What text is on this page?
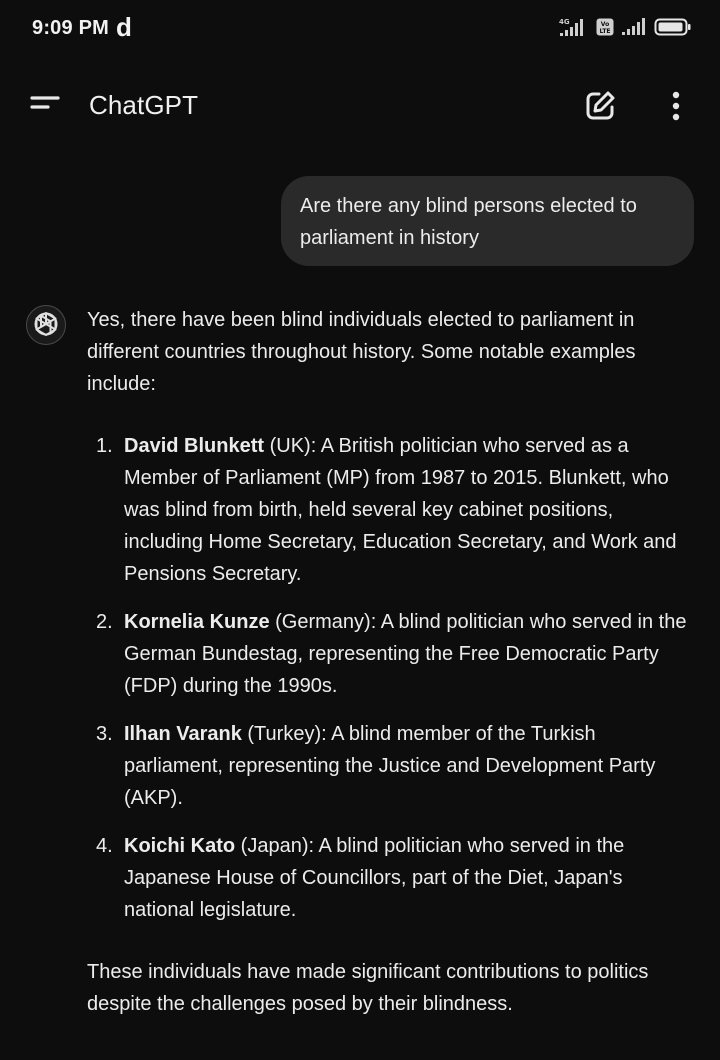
9:09 PM d	4G	Vo
LTE
ChatGPT
Are there any blind persons elected to parliament in history

Yes, there have been blind individuals elected to parliament in different countries throughout history. Some notable examples include:

1. David Blunkett (UK): A British politician who served as a Member of Parliament (MP) from 1987 to 2015. Blunkett, who was blind from birth, held several key cabinet positions, including Home Secretary, Education Secretary, and Work and Pensions Secretary.
2. Kornelia Kunze (Germany): A blind politician who served in the German Bundestag, representing the Free Democratic Party (FDP) during the 1990s.
3. Ilhan Varank (Turkey): A blind member of the Turkish parliament, representing the Justice and Development Party (AKP).
4. Koichi Kato (Japan): A blind politician who served in the Japanese House of Councillors, part of the Diet, Japan's national legislature.

These individuals have made significant contributions to politics despite the challenges posed by their blindness.
